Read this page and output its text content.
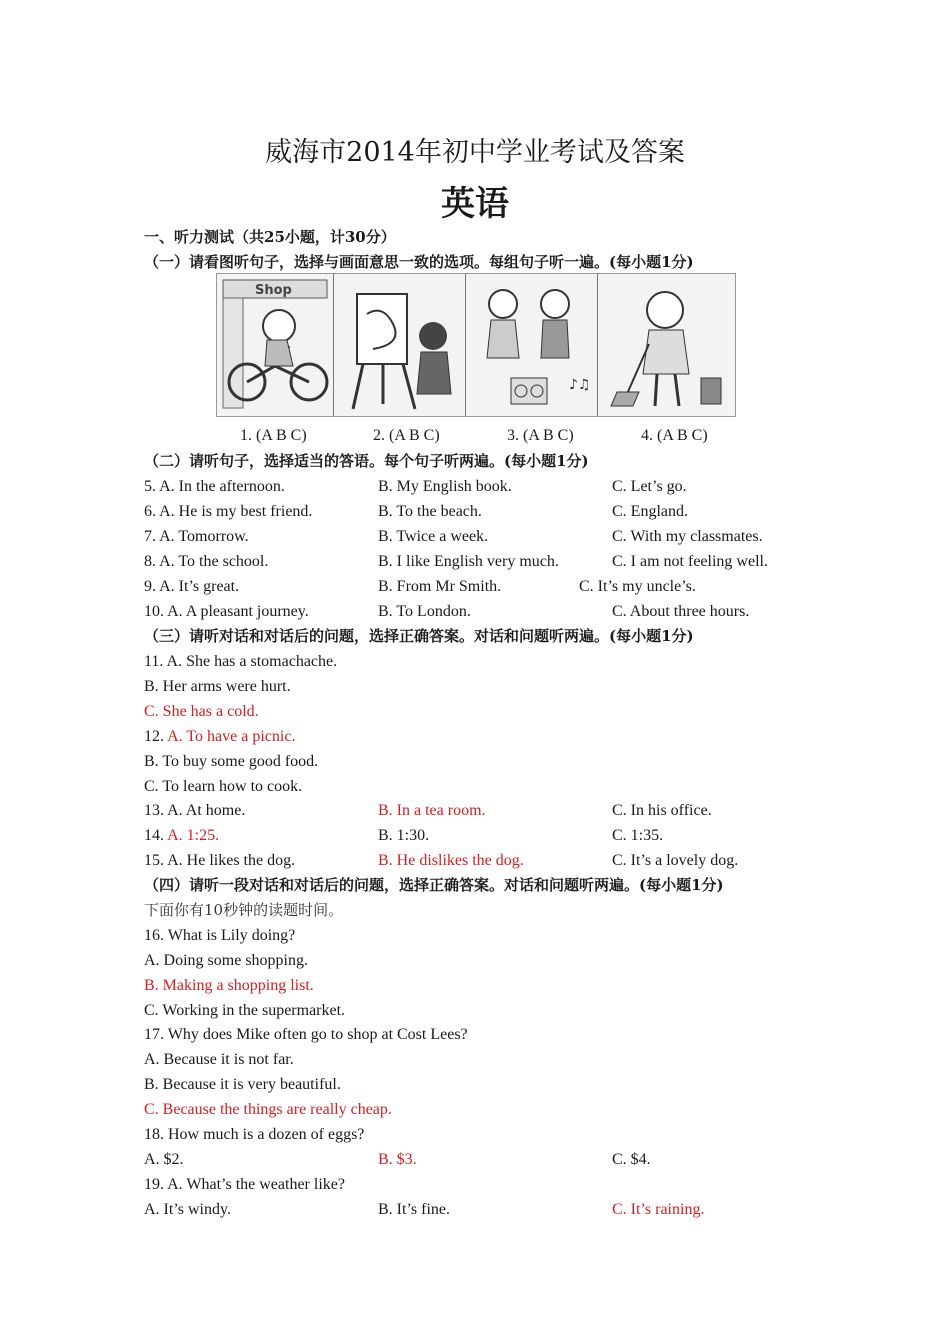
威海市2014年初中学业考试及答案
英语
一、听力测试（共25小题，计30分）
（一）请看图听句子，选择与画面意思一致的选项。每组句子听一遍。(每小题1分)
Shop
♪♫
1. (A B C)	2. (A B C)	3. (A B C)	4. (A B C)
（二）请听句子，选择适当的答语。每个句子听两遍。(每小题1分)
5. A. In the afternoon.	B. My English book.	C. Let’s go.
6. A. He is my best friend.	B. To the beach.	C. England.
7. A. Tomorrow.	B. Twice a week.	C. With my classmates.
8. A. To the school.	B. I like English very much.	C. I am not feeling well.
9. A. It’s great.	B. From Mr Smith.	C. It’s my uncle’s.
10. A. A pleasant journey.	B. To London.	C. About three hours.
（三）请听对话和对话后的问题，选择正确答案。对话和问题听两遍。(每小题1分)
11. A. She has a stomachache.
B. Her arms were hurt.
C. She has a cold.
12. A. To have a picnic.
B. To buy some good food.
C. To learn how to cook.
13. A. At home.	B. In a tea room.	C. In his office.
14. A. 1:25.	B. 1:30.	C. 1:35.
15. A. He likes the dog.	B. He dislikes the dog.	C. It’s a lovely dog.
（四）请听一段对话和对话后的问题，选择正确答案。对话和问题听两遍。(每小题1分)
下面你有10秒钟的读题时间。
16. What is Lily doing?
A. Doing some shopping.
B. Making a shopping list.
C. Working in the supermarket.
17. Why does Mike often go to shop at Cost Lees?
A. Because it is not far.
B. Because it is very beautiful.
C. Because the things are really cheap.
18. How much is a dozen of eggs?
A. $2.	B. $3.	C. $4.
19. A. What’s the weather like?
A. It’s windy.	B. It’s fine.	C. It’s raining.
